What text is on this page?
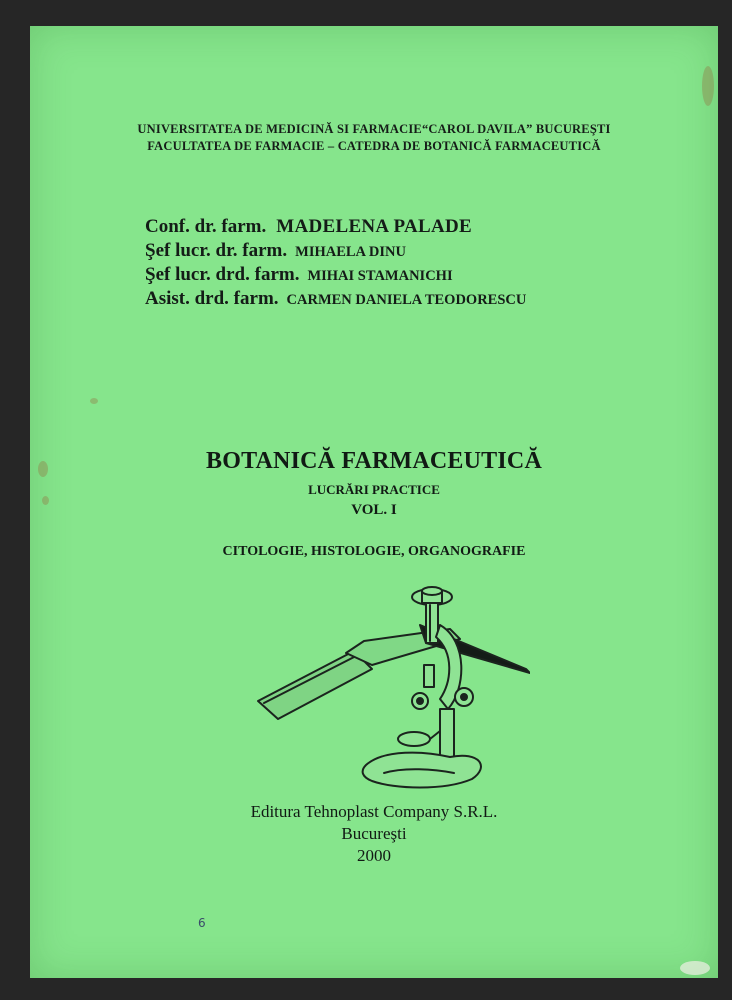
UNIVERSITATEA DE MEDICINĂ SI FARMACIE“CAROL DAVILA” BUCUREŞTI
FACULTATEA DE FARMACIE – CATEDRA DE BOTANICĂ FARMACEUTICĂ
Conf. dr. farm. MADELENA PALADE
Şef lucr. dr. farm. MIHAELA DINU
Şef lucr. drd. farm. MIHAI STAMANICHI
Asist. drd. farm. CARMEN DANIELA TEODORESCU
BOTANICĂ FARMACEUTICĂ
LUCRĂRI PRACTICE
VOL. I
CITOLOGIE, HISTOLOGIE, ORGANOGRAFIE
Editura Tehnoplast Company S.R.L.
Bucureşti
2000
6
